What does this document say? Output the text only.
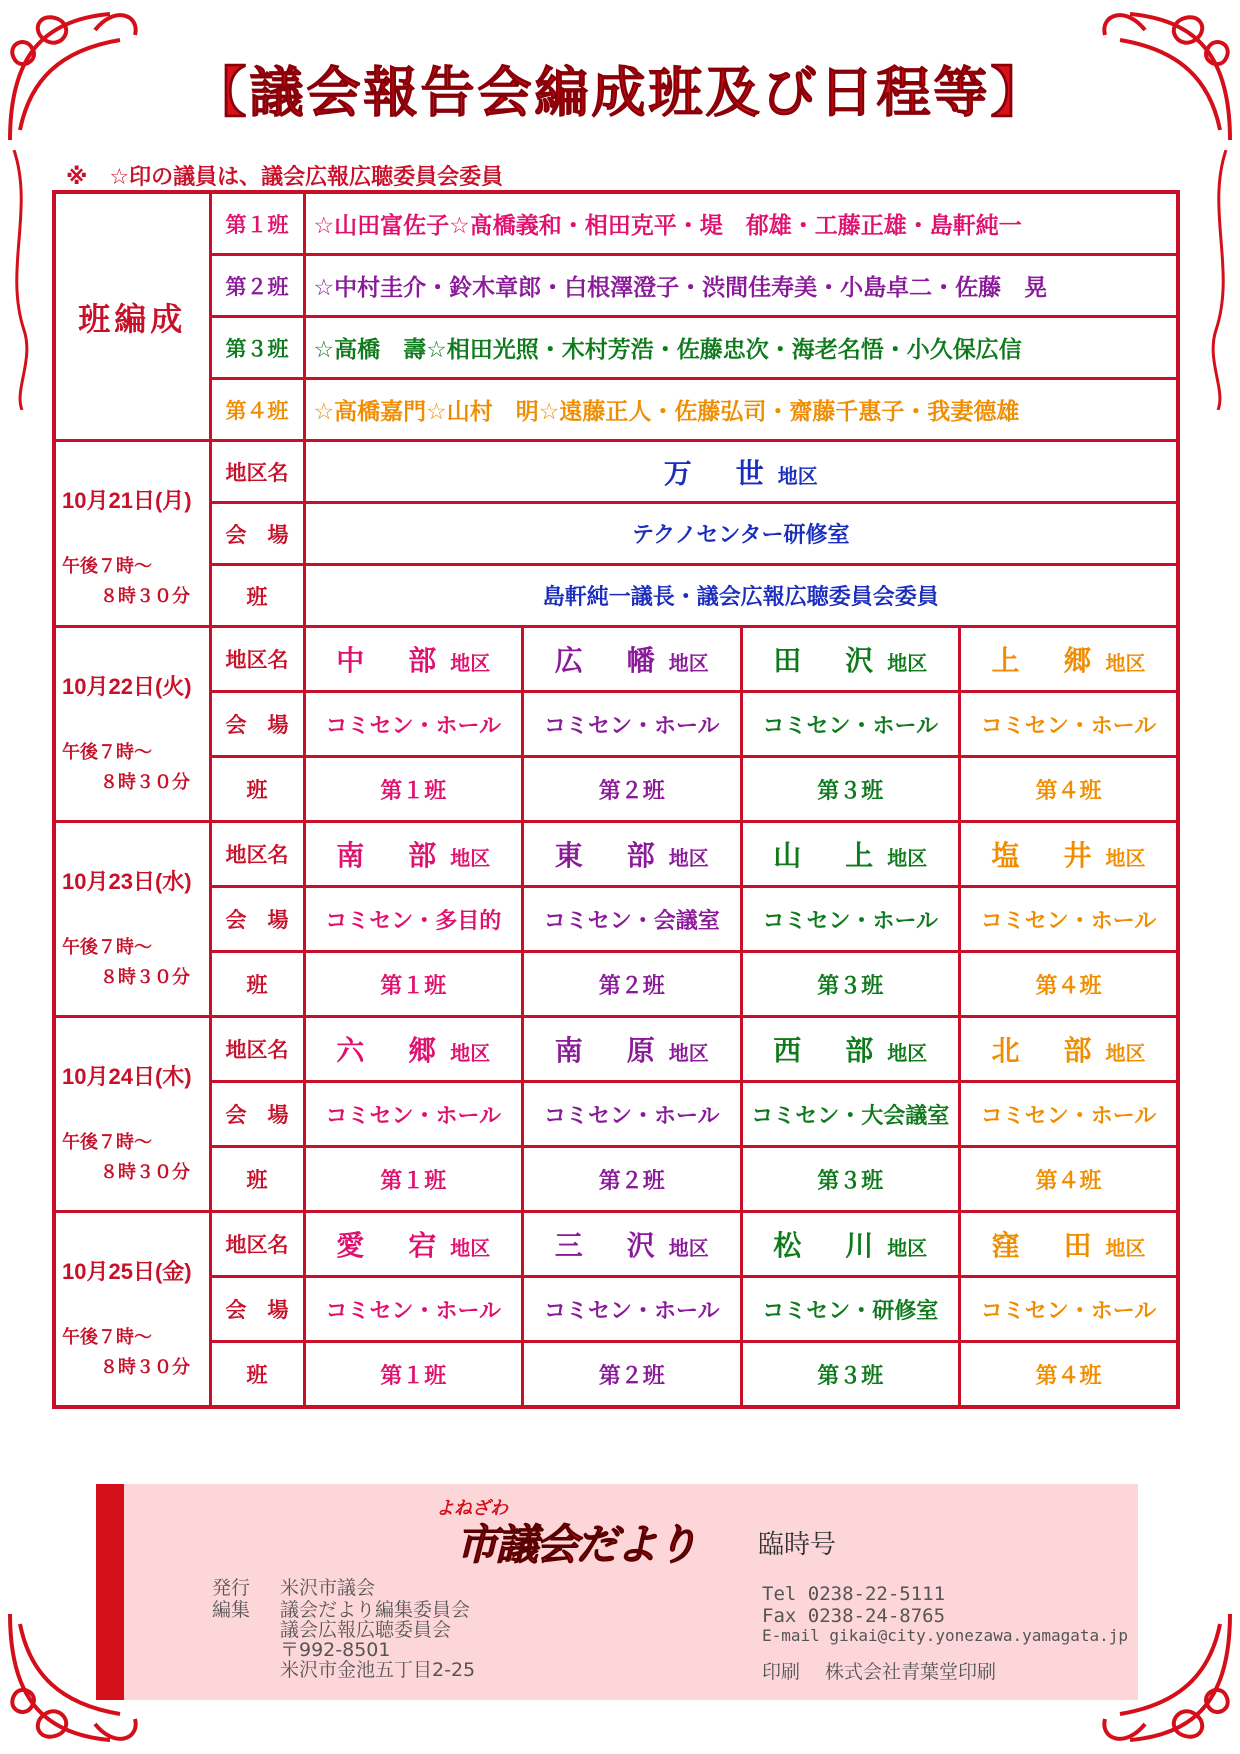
【議会報告会編成班及び日程等】
※　☆印の議員は、議会広報広聴委員会委員
班編成	第１班	☆山田富佐子☆髙橋義和・相田克平・堤　郁雄・工藤正雄・島軒純一			
	第２班	☆中村圭介・鈴木章郎・白根澤澄子・渋間佳寿美・小島卓二・佐藤　晃			
	第３班	☆高橋　壽☆相田光照・木村芳浩・佐藤忠次・海老名悟・小久保広信			
	第４班	☆高橋嘉門☆山村　明☆遠藤正人・佐藤弘司・齋藤千惠子・我妻德雄			

10月21日(月)
午後７時～
８時３０分	地区名	万　世 地区			
	会　場	テクノセンター研修室			
	班	島軒純一議長・議会広報広聴委員会委員			

10月22日(火)
午後７時～
８時３０分	地区名	中　部 地区	広　幡 地区	田　沢 地区	上　郷 地区
	会　場	コミセン・ホール	コミセン・ホール	コミセン・ホール	コミセン・ホール
	班	第１班	第２班	第３班	第４班

10月23日(水)
午後７時～
８時３０分	地区名	南　部 地区	東　部 地区	山　上 地区	塩　井 地区
	会　場	コミセン・多目的	コミセン・会議室	コミセン・ホール	コミセン・ホール
	班	第１班	第２班	第３班	第４班

10月24日(木)
午後７時～
８時３０分	地区名	六　郷 地区	南　原 地区	西　部 地区	北　部 地区
	会　場	コミセン・ホール	コミセン・ホール	コミセン・大会議室	コミセン・ホール
	班	第１班	第２班	第３班	第４班

10月25日(金)
午後７時～
８時３０分	地区名	愛　宕 地区	三　沢 地区	松　川 地区	窪　田 地区
	会　場	コミセン・ホール	コミセン・ホール	コミセン・研修室	コミセン・ホール
	班	第１班	第２班	第３班	第４班
よねざわ
市議会だより 臨時号
発行 米沢市議会
編集 議会だより編集委員会
議会広報広聴委員会
〒992-8501
米沢市金池五丁目2-25
Tel 0238-22-5111
Fax 0238-24-8765
E-mail gikai@city.yonezawa.yamagata.jp
印刷　 株式会社青葉堂印刷
